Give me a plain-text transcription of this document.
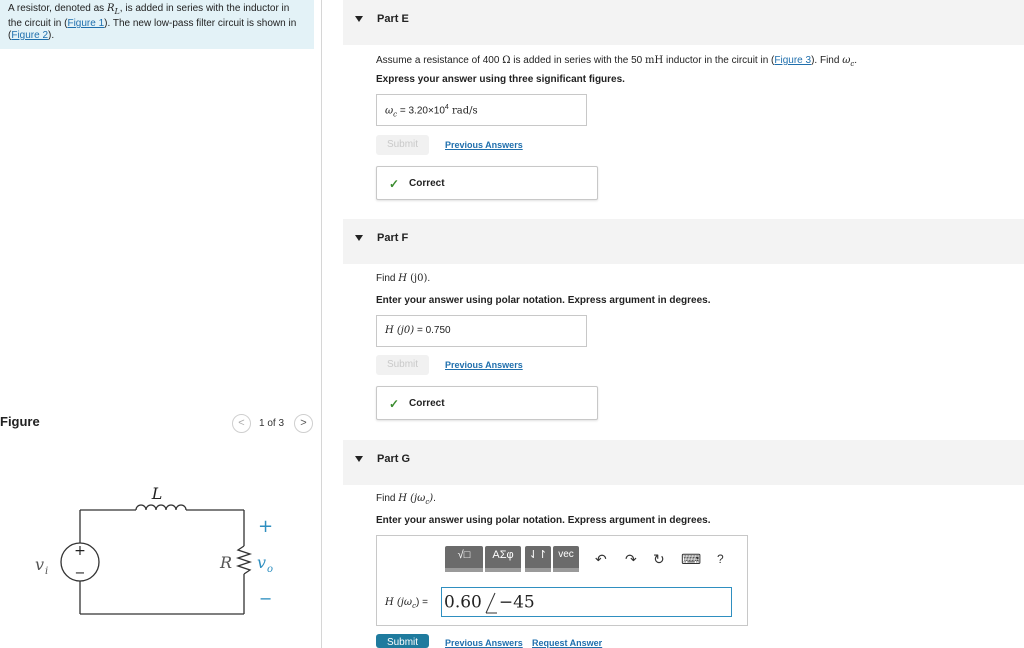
A resistor, denoted as $R_L$, is added in series with the inductor in
the circuit in (Figure 1). The new low-pass filter circuit is shown in
(Figure 2).
Figure	<	1 of 3	>
L
+
−
v i	R
+
v o
−
Part E
Assume a resistance of 400 Ω is added in series with the 50 mH inductor in the circuit in (Figure 3). Find $\omega_c$.
Express your answer using three significant figures.
$\omega_c = 3.20\times 10^4$ rad/s
Submit	Previous Answers
✓ Correct
Part F
Find H (j0).
Enter your answer using polar notation. Express argument in degrees.
H (j0) = 0.750
Submit	Previous Answers
✓ Correct
Part G
Find H $(j\omega_c)$.
Enter your answer using polar notation. Express argument in degrees.
√□	ΑΣφ	⇃↾	vec	↶ ↷ ↻ ⌨ ?
H $(j\omega_c) = 0.60 -45$
Submit	Previous Answers Request Answer
